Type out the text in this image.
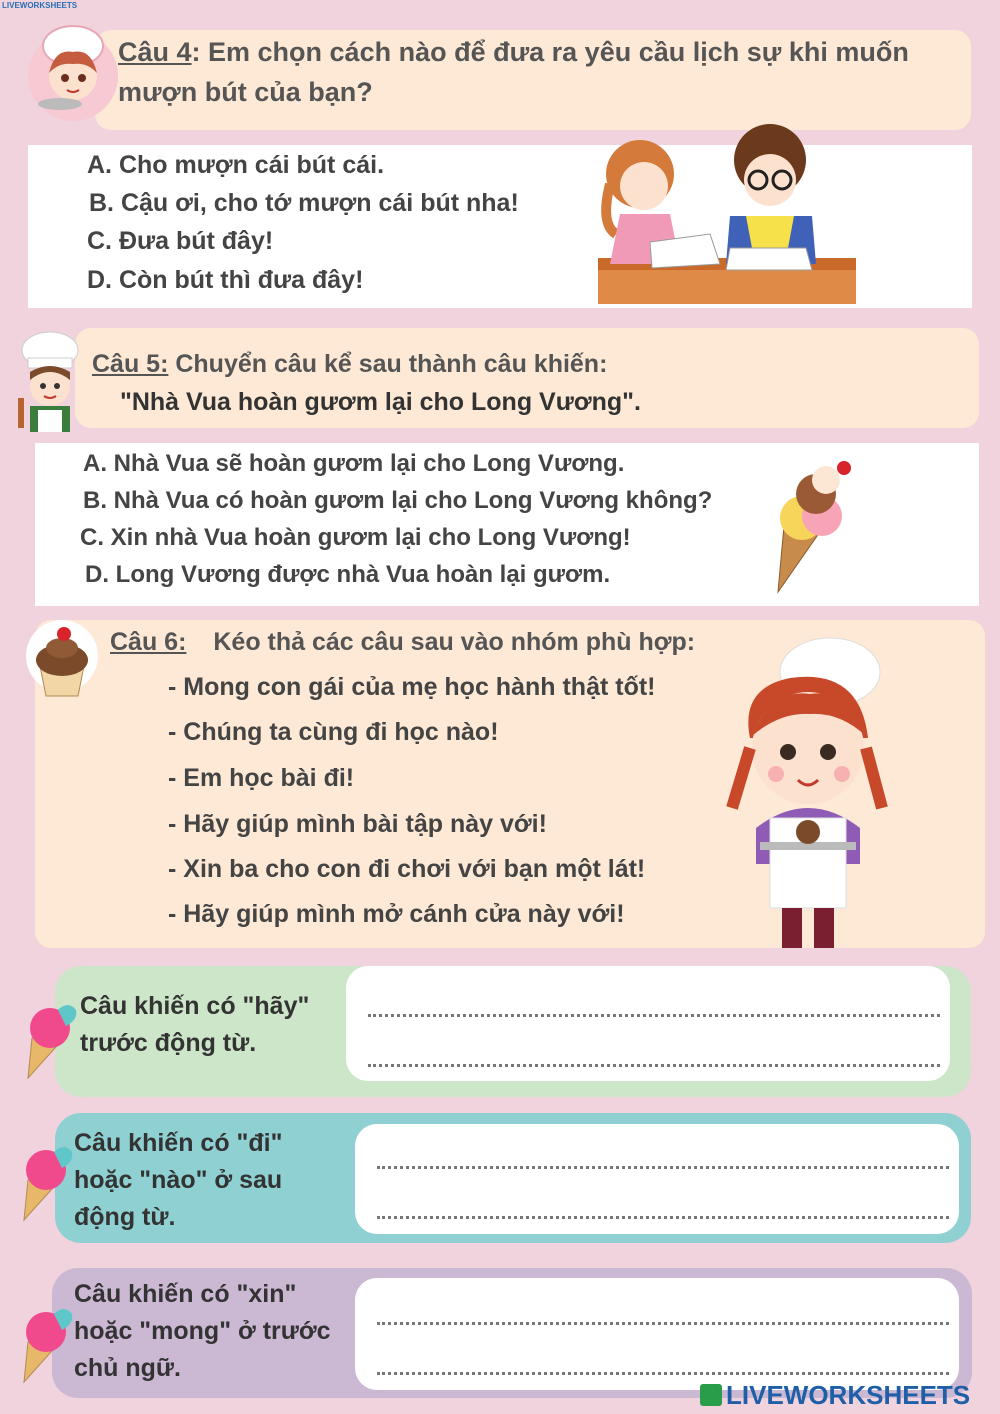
LIVEWORKSHEETS
Câu 4: Em chọn cách nào để đưa ra yêu cầu lịch sự khi muốn
mượn bút của bạn?
A. Cho mượn cái bút cái.
B. Cậu ơi, cho tớ mượn cái bút nha!
C. Đưa bút đây!
D. Còn bút thì đưa đây!
Câu 5: Chuyển câu kể sau thành câu khiến:
"Nhà Vua hoàn gươm lại cho Long Vương".
A. Nhà Vua sẽ hoàn gươm lại cho Long Vương.
B. Nhà Vua có hoàn gươm lại cho Long Vương không?
C. Xin nhà Vua hoàn gươm lại cho Long Vương!
D. Long Vương được nhà Vua hoàn lại gươm.
Câu 6: Kéo thả các câu sau vào nhóm phù hợp:
- Mong con gái của mẹ học hành thật tốt!
- Chúng ta cùng đi học nào!
- Em học bài đi!
- Hãy giúp mình bài tập này với!
- Xin ba cho con đi chơi với bạn một lát!
- Hãy giúp mình mở cánh cửa này với!
Câu khiến có "hãy"
trước động từ.
Câu khiến có "đi"
hoặc "nào" ở sau
động từ.
Câu khiến có "xin"
hoặc "mong" ở trước
chủ ngữ.
LIVEWORKSHEETS
